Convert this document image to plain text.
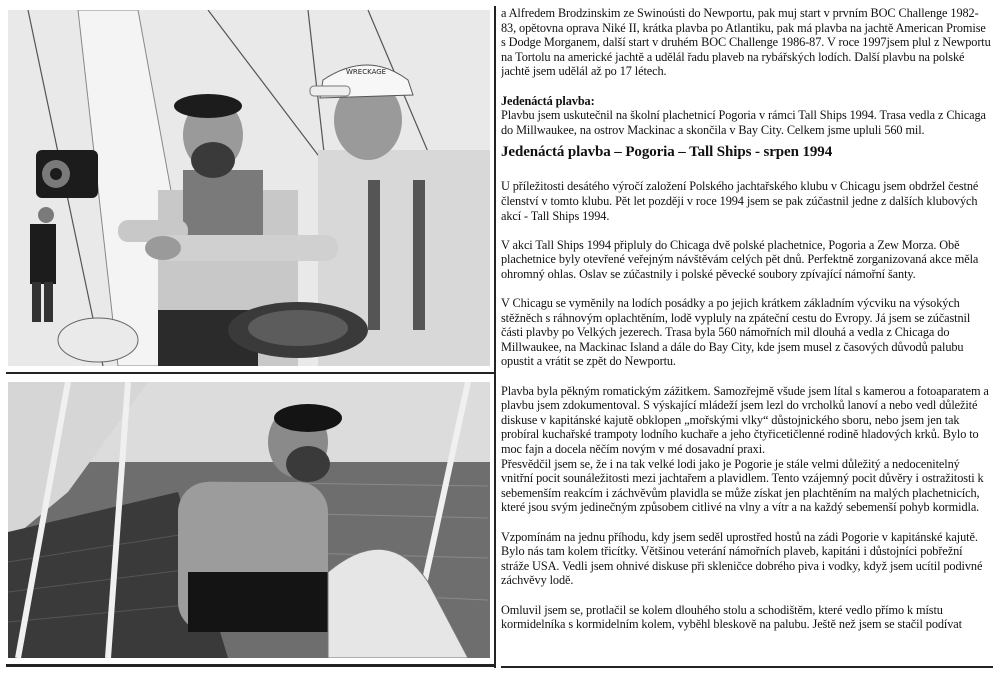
WRECKAGE

a Alfredem Brodzinskim ze Swinoústi do Newportu, pak muj start v prvním BOC Challenge 1982-83, opětovna oprava Niké II, krátka plavba po Atlantiku, pak má plavba na jachtě American Promise s Dodge Morganem, další start v druhém BOC Challenge 1986-87. V roce 1997jsem plul z Newportu na Tortolu na americké jachtě a udělál řadu plaveb na rybářských lodích. Další plavbu na polské jachtě jsem udělál až po 17 létech.

Jedenáctá plavba:

Plavbu jsem uskutečnil na školní plachetnicí Pogoria v rámci Tall Ships 1994. Trasa vedla z Chicaga do Millwaukee, na ostrov Mackinac a skončila v Bay City. Celkem jsme upluli 560 mil.

Jedenáctá plavba – Pogoria – Tall Ships - srpen 1994

U příležitosti desátého výročí založení Polského jachtařského klubu v Chicagu jsem obdržel čestné členství v tomto klubu. Pět let později v roce 1994 jsem se pak zúčastnil jedne z dalších klubových akcí - Tall Ships 1994.

V akci Tall Ships 1994 připluly do Chicaga dvě polské plachetnice, Pogoria a Zew Morza. Obě plachetnice byly otevřené veřejným návštěvám celých pět dnů. Perfektně zorganizovaná akce měla ohromný ohlas. Oslav se zúčastnily i polské pěvecké soubory zpívající námořní šanty.

V Chicagu se vyměnily na lodích posádky a po jejich krátkem základním výcviku na výsokých stěžněch s ráhnovým oplachtěním, lodě vypluly na zpáteční cestu do Evropy. Já jsem se zúčastnil části plavby po Velkých jezerech. Trasa byla 560 námořních mil dlouhá a vedla z Chicaga do Millwaukee, na Mackinac Island a dále do Bay City, kde jsem musel z časových důvodů palubu opustit a vrátit se zpět do Newportu.

Plavba byla pěkným romatickým zážitkem. Samozřejmě všude jsem lítal s kamerou a fotoaparatem a plavbu jsem zdokumentoval. S výskající mládeží jsem lezl do vrcholků lanoví a nebo vedl důležité diskuse v kapitánské kajutě obklopen „mořskými vlky“ důstojnického sboru, nebo jsem jen tak probíral kuchařské trampoty lodního kuchaře a jeho čtyřicetičlenné rodině hladových krků. Bylo to moc fajn a docela něčím novým v mé dosavadní praxi.

Přesvědčil jsem se, že i na tak velké lodi jako je Pogorie je stále velmi důležitý a nedocenitelný vnitřní pocit sounáležitosti mezi jachtařem a plavidlem. Tento vzájemný pocit důvěry i ostražitosti k sebemenším reakcím i záchvěvům plavidla se může získat jen plachtěním na malých plachetnicích, které jsou svým jedinečným způsobem citlivé na vlny a vítr a na každý sebemenší pohyb kormidla.

Vzpomínám na jednu příhodu, kdy jsem seděl uprostřed hostů na zádi Pogorie v kapitánské kajutě. Bylo nás tam kolem třicítky. Většinou veterání námořních plaveb, kapitáni i důstojníci pobřežní stráže USA. Vedli jsem ohnivé diskuse při skleničce dobrého piva i vodky, když jsem ucítil podivné záchvěvy lodě.

Omluvil jsem se, protlačil se kolem dlouhého stolu a schodištěm, které vedlo přímo k místu kormidelníka s kormidelním kolem, vyběhl bleskově na palubu. Ještě než jsem se stačil podívat
